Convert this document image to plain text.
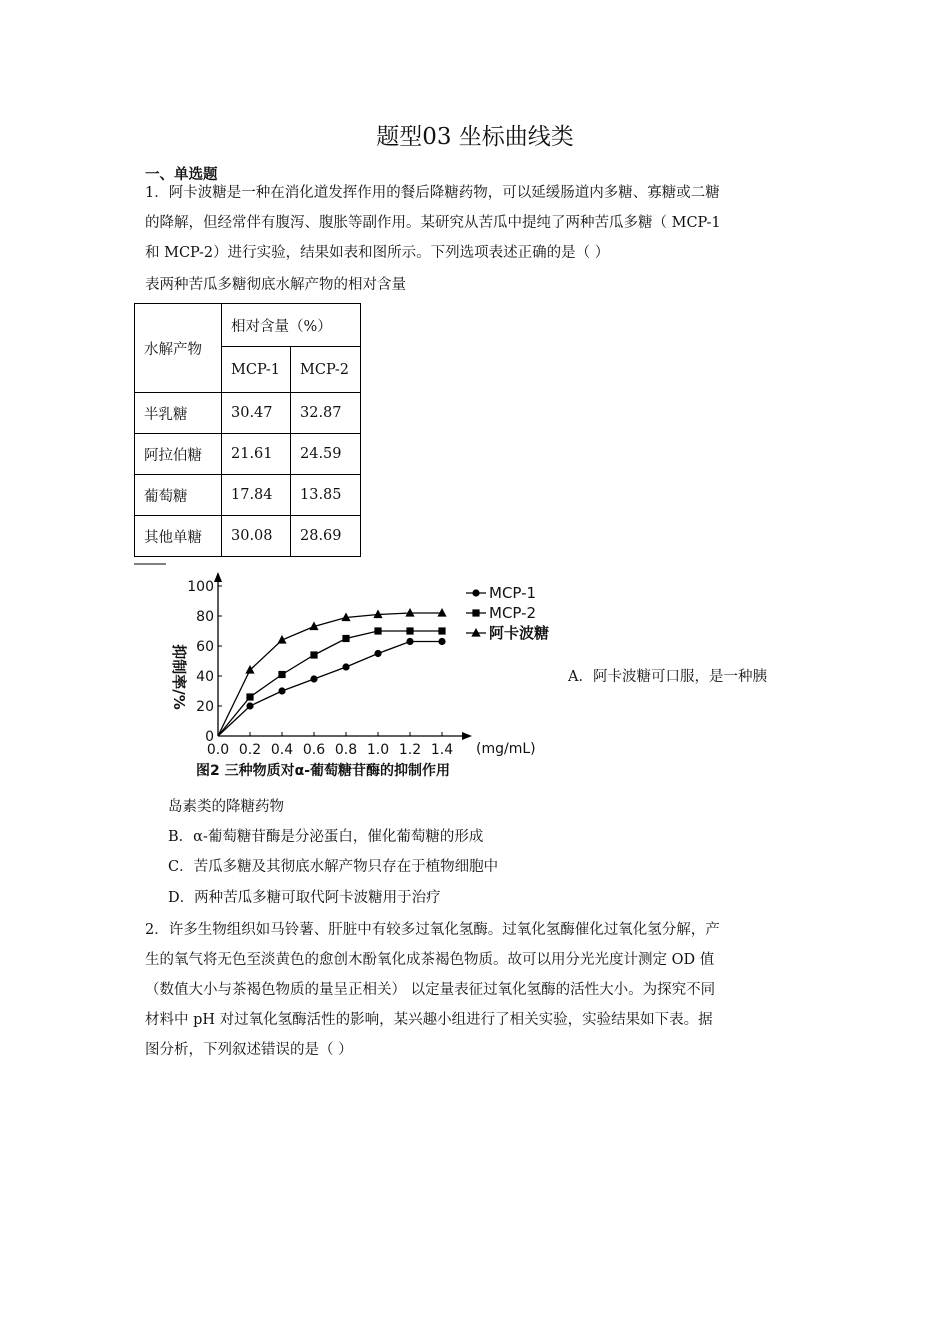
题型03 坐标曲线类
一、单选题
1．阿卡波糖是一种在消化道发挥作用的餐后降糖药物，可以延缓肠道内多糖、寡糖或二糖
的降解，但经常伴有腹泻、腹胀等副作用。某研究从苦瓜中提纯了两种苦瓜多糖（ MCP-1
和 MCP-2）进行实验，结果如表和图所示。下列选项表述正确的是（ ）
表两种苦瓜多糖彻底水解产物的相对含量
水解产物	相对含量（%）	
	MCP-1	MCP-2
半乳糖	30.47	32.87
阿拉伯糖	21.61	24.59
葡萄糖	17.84	13.85
其他单糖	30.08	28.69
0.0 0.2 0.4 0.6 0.8 1.0 1.2 1.4
0
20
40
60
80
100	MCP-1
MCP-2
阿卡波糖
抑制率/%
(mg/mL)
图2 三种物质对α-葡萄糖苷酶的抑制作用
A．阿卡波糖可口服，是一种胰
岛素类的降糖药物
B．α-葡萄糖苷酶是分泌蛋白，催化葡萄糖的形成
C．苦瓜多糖及其彻底水解产物只存在于植物细胞中
D．两种苦瓜多糖可取代阿卡波糖用于治疗
2．许多生物组织如马铃薯、肝脏中有较多过氧化氢酶。过氧化氢酶催化过氧化氢分解，产
生的氧气将无色至淡黄色的愈创木酚氧化成茶褐色物质。故可以用分光光度计测定 OD 值
（数值大小与茶褐色物质的量呈正相关） 以定量表征过氧化氢酶的活性大小。为探究不同
材料中 pH 对过氧化氢酶活性的影响，某兴趣小组进行了相关实验，实验结果如下表。据
图分析，下列叙述错误的是（ ）
